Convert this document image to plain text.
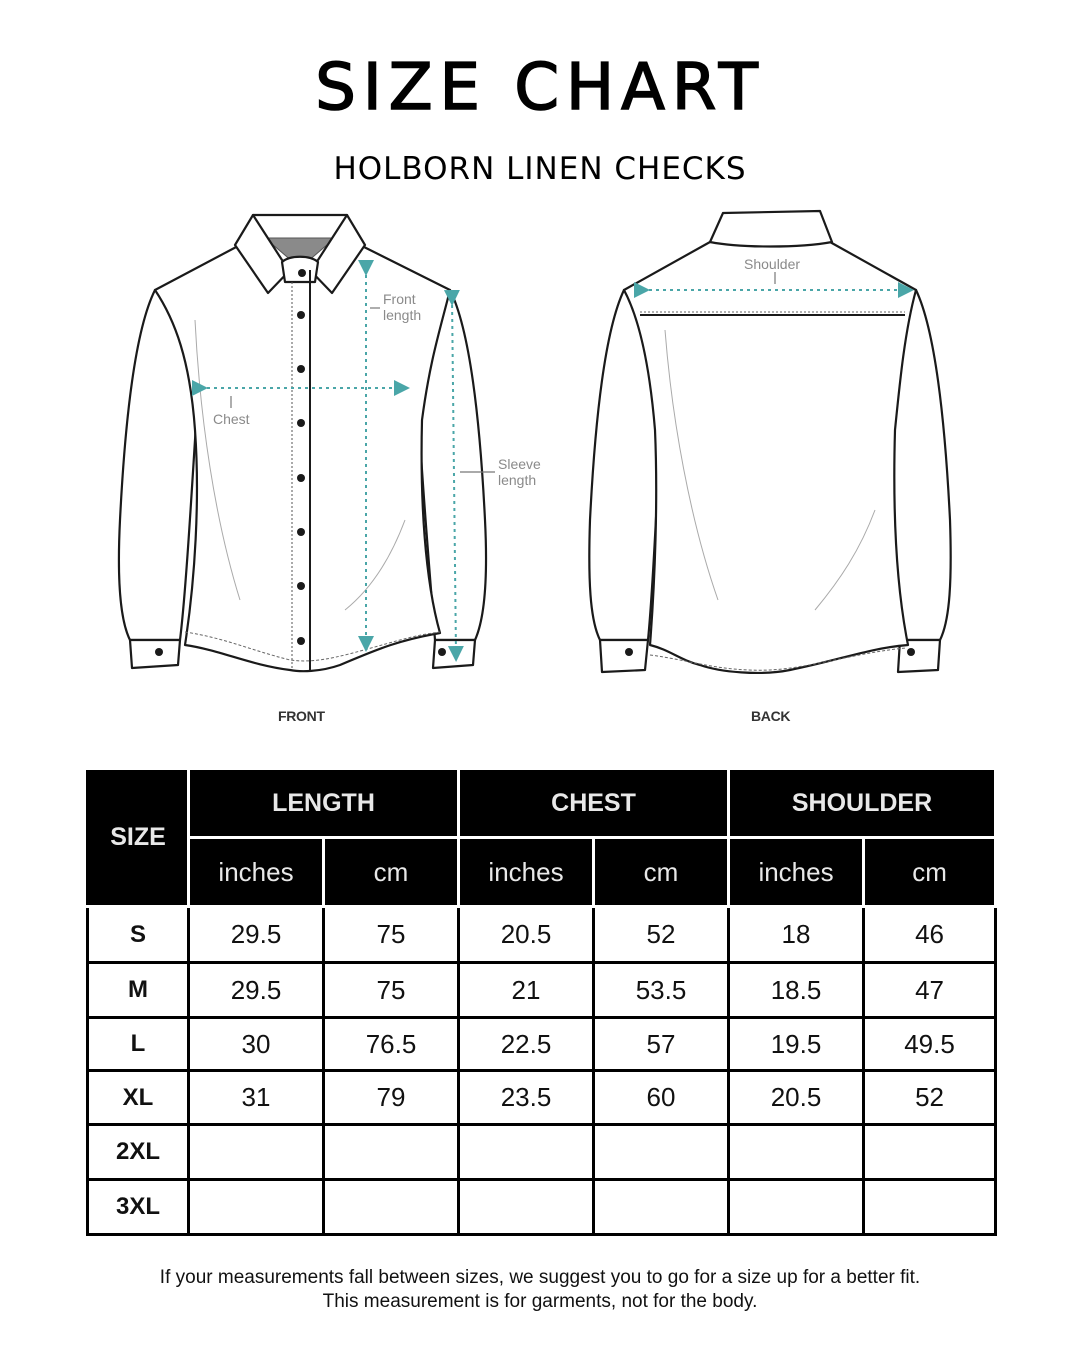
SIZE CHART
HOLBORN LINEN CHECKS
Front
length
Chest
Sleeve
length
Shoulder
FRONT	BACK
SIZE	LENGTH		CHEST		SHOULDER	
	inches	cm	inches	cm	inches	cm
S	29.5	75	20.5	52	18	46
M	29.5	75	21	53.5	18.5	47
L	30	76.5	22.5	57	19.5	49.5
XL	31	79	23.5	60	20.5	52
2XL						
3XL						
If your measurements fall between sizes, we suggest you to go for a size up for a better fit.
This measurement is for garments, not for the body.
